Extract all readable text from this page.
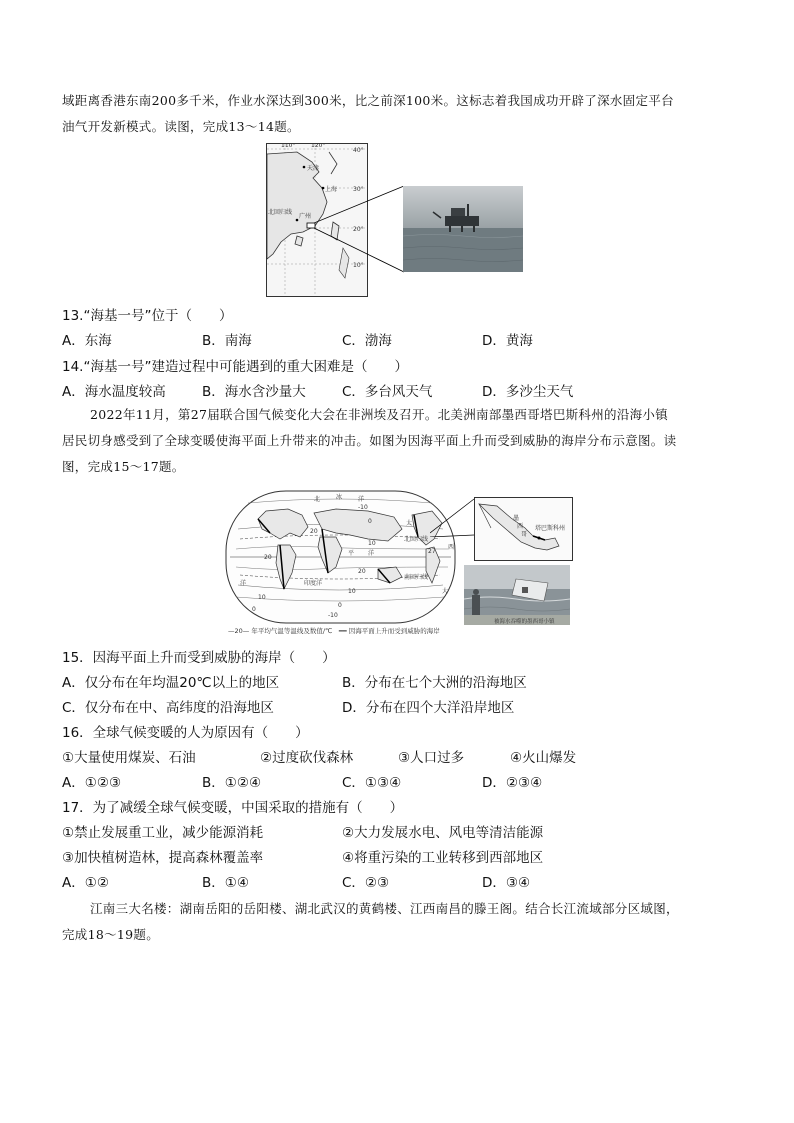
域距离香港东南200多千米，作业水深达到300米，比之前深100米。这标志着我国成功开辟了深水固定平台
油气开发新模式。读图，完成13～14题。
110°	120°
40°
30°
20°
10°
天津
上海
广州
北回归线
13.“海基一号”位于（　　）
A．东海	B．南海	C．渤海	D．黄海
14.“海基一号”建造过程中可能遇到的重大困难是（　　）
A．海水温度较高	B．海水含沙量大	C．多台风天气	D．多沙尘天气
2022年11月，第27届联合国气候变化大会在非洲埃及召开。北美洲南部墨西哥塔巴斯科州的沿海小镇
居民切身感受到了全球变暖使海平面上升带来的冲击。如图为因海平面上升而受到威胁的海岸分布示意图。读
图，完成15～17题。
北	冰	洋
太
平 洋
印度洋
洋
西
北回归线
南回归线
20
10
0
-10
27
20
10
0
-10
20
10
0
大
墨
西
哥
塔巴斯科州
被海水吞噬的墨西哥小镇
—20— 年平均气温等温线及数值/℃　━━ 因海平面上升而受到威胁的海岸
15．因海平面上升而受到威胁的海岸（　　）
A．仅分布在年均温20℃以上的地区	B．分布在七个大洲的沿海地区
C．仅分布在中、高纬度的沿海地区	D．分布在四个大洋沿岸地区
16．全球气候变暖的人为原因有（　　）
①大量使用煤炭、石油	②过度砍伐森林	③人口过多	④火山爆发
A．①②③	B．①②④	C．①③④	D．②③④
17．为了减缓全球气候变暖，中国采取的措施有（　　）
①禁止发展重工业，减少能源消耗	②大力发展水电、风电等清洁能源
③加快植树造林，提高森林覆盖率	④将重污染的工业转移到西部地区
A．①②	B．①④	C．②③	D．③④
江南三大名楼：湖南岳阳的岳阳楼、湖北武汉的黄鹤楼、江西南昌的滕王阁。结合长江流域部分区域图，
完成18～19题。
